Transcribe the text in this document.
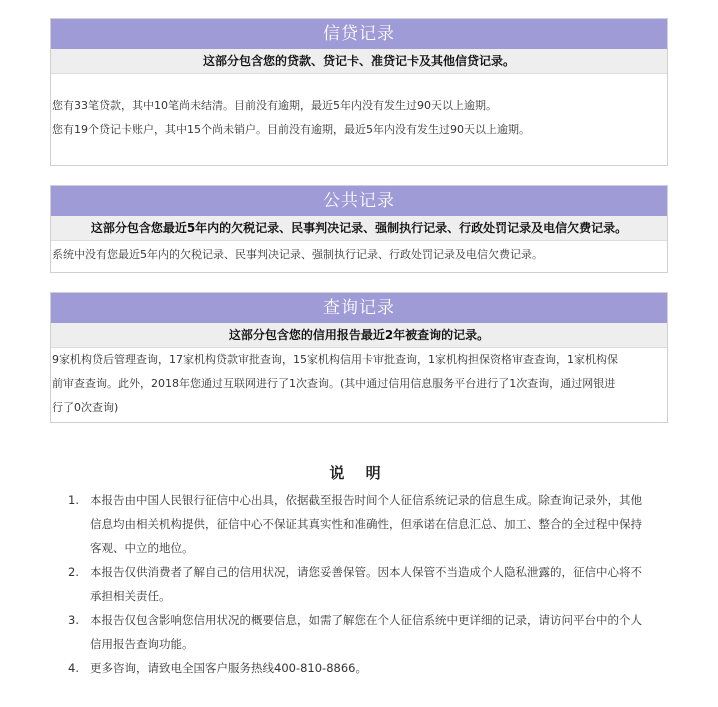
信贷记录
这部分包含您的贷款、贷记卡、准贷记卡及其他信贷记录。
您有33笔贷款，其中10笔尚未结清。目前没有逾期，最近5年内没有发生过90天以上逾期。
您有19个贷记卡账户，其中15个尚未销户。目前没有逾期，最近5年内没有发生过90天以上逾期。
公共记录
这部分包含您最近5年内的欠税记录、民事判决记录、强制执行记录、行政处罚记录及电信欠费记录。
系统中没有您最近5年内的欠税记录、民事判决记录、强制执行记录、行政处罚记录及电信欠费记录。
查询记录
这部分包含您的信用报告最近2年被查询的记录。
9家机构贷后管理查询，17家机构贷款审批查询，15家机构信用卡审批查询，1家机构担保资格审查查询，1家机构保
前审查查询。此外，2018年您通过互联网进行了1次查询。(其中通过信用信息服务平台进行了1次查询，通过网银进
行了0次查询)
说 明
1. 本报告由中国人民银行征信中心出具，依据截至报告时间个人征信系统记录的信息生成。除查询记录外，其他
信息均由相关机构提供，征信中心不保证其真实性和准确性，但承诺在信息汇总、加工、整合的全过程中保持
客观、中立的地位。
2. 本报告仅供消费者了解自己的信用状况，请您妥善保管。因本人保管不当造成个人隐私泄露的，征信中心将不
承担相关责任。
3. 本报告仅包含影响您信用状况的概要信息，如需了解您在个人征信系统中更详细的记录，请访问平台中的个人
信用报告查询功能。
4. 更多咨询，请致电全国客户服务热线400-810-8866。
